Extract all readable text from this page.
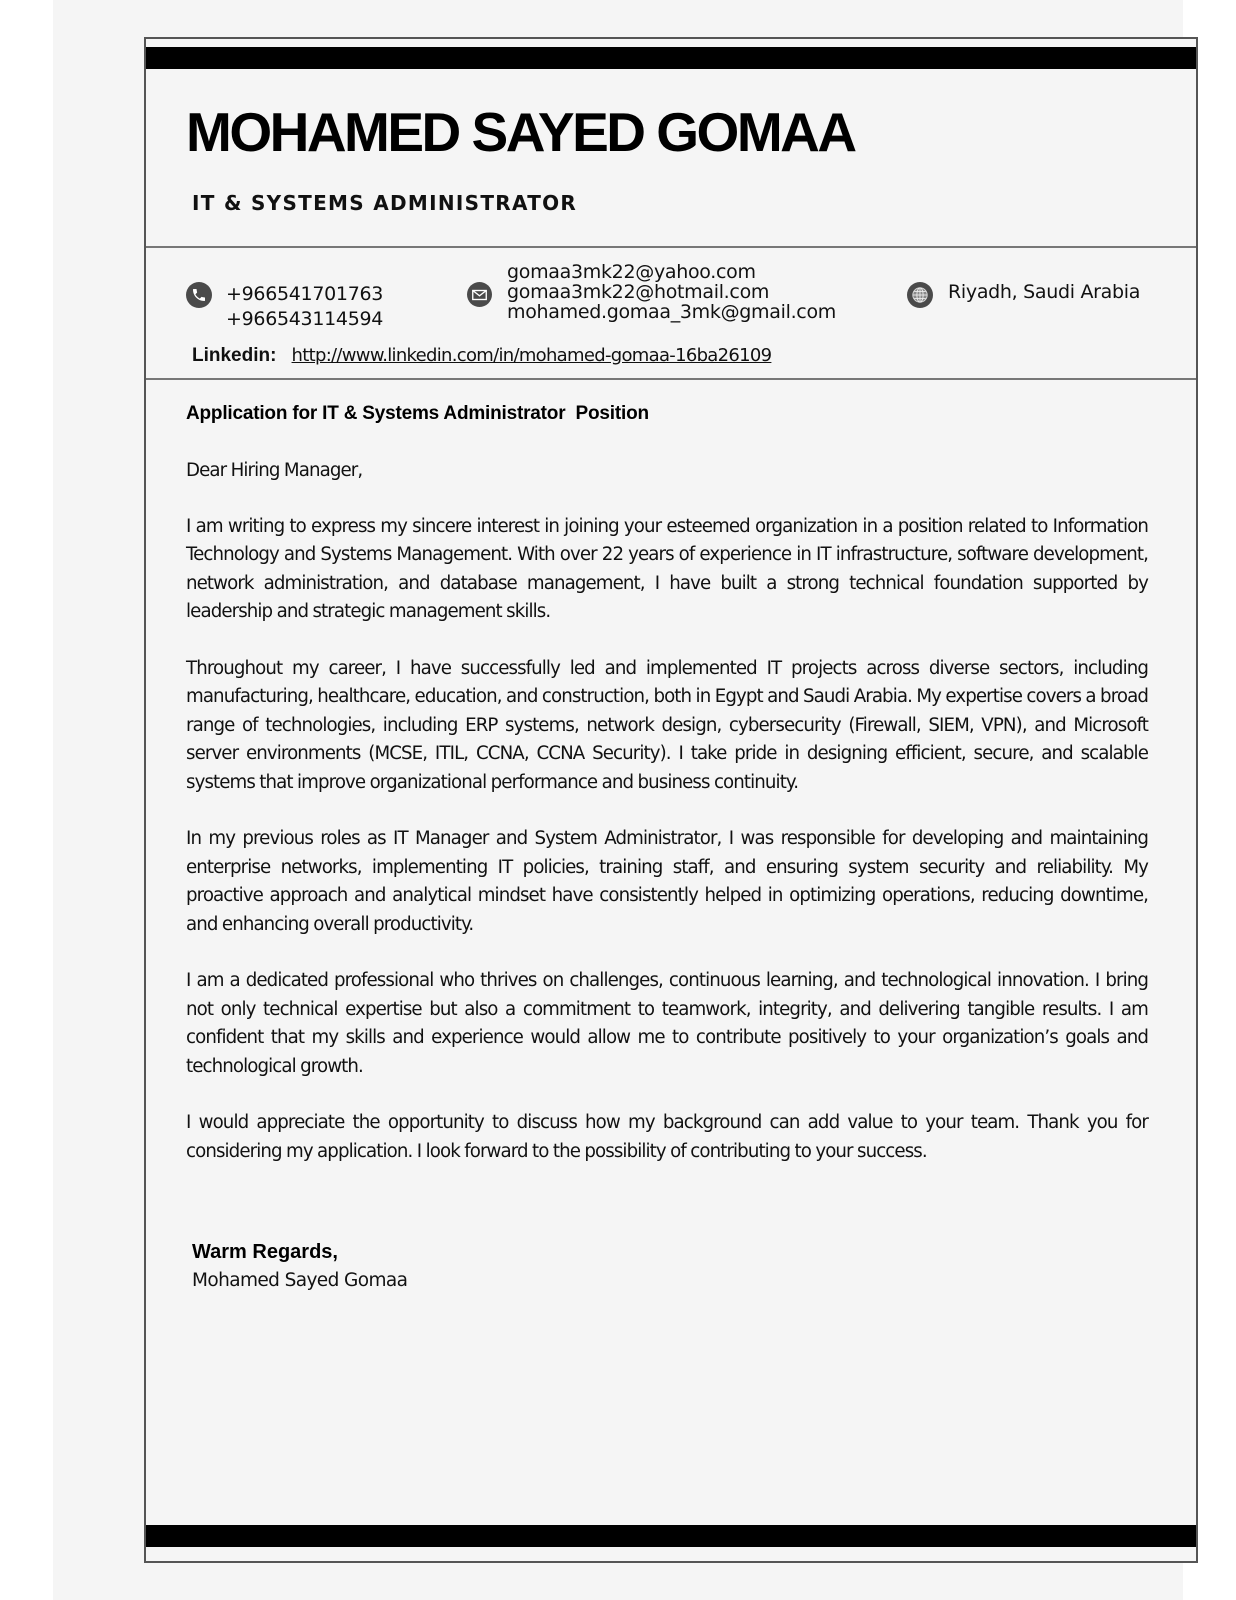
MOHAMED SAYED GOMAA
IT & SYSTEMS ADMINISTRATOR
+966541701763
+966543114594
gomaa3mk22@yahoo.com
gomaa3mk22@hotmail.com
mohamed.gomaa_3mk@gmail.com
Riyadh, Saudi Arabia
Linkedin: http://www.linkedin.com/in/mohamed-gomaa-16ba26109
Application for IT & Systems Administrator  Position

Dear Hiring Manager,

I am writing to express my sincere interest in joining your esteemed organization in a position related to Information Technology and Systems Management. With over 22 years of experience in IT infrastructure, software development, network administration, and database management, I have built a strong technical foundation supported by leadership and strategic management skills.

Throughout my career, I have successfully led and implemented IT projects across diverse sectors, including manufacturing, healthcare, education, and construction, both in Egypt and Saudi Arabia. My expertise covers a broad range of technologies, including ERP systems, network design, cybersecurity (Firewall, SIEM, VPN), and Microsoft server environments (MCSE, ITIL, CCNA, CCNA Security). I take pride in designing efficient, secure, and scalable systems that improve organizational performance and business continuity.

In my previous roles as IT Manager and System Administrator, I was responsible for developing and maintaining enterprise networks, implementing IT policies, training staff, and ensuring system security and reliability. My proactive approach and analytical mindset have consistently helped in optimizing operations, reducing downtime, and enhancing overall productivity.

I am a dedicated professional who thrives on challenges, continuous learning, and technological innovation. I bring not only technical expertise but also a commitment to teamwork, integrity, and delivering tangible results. I am confident that my skills and experience would allow me to contribute positively to your organization’s goals and technological growth.

I would appreciate the opportunity to discuss how my background can add value to your team. Thank you for considering my application. I look forward to the possibility of contributing to your success.

Warm Regards,
Mohamed Sayed Gomaa
